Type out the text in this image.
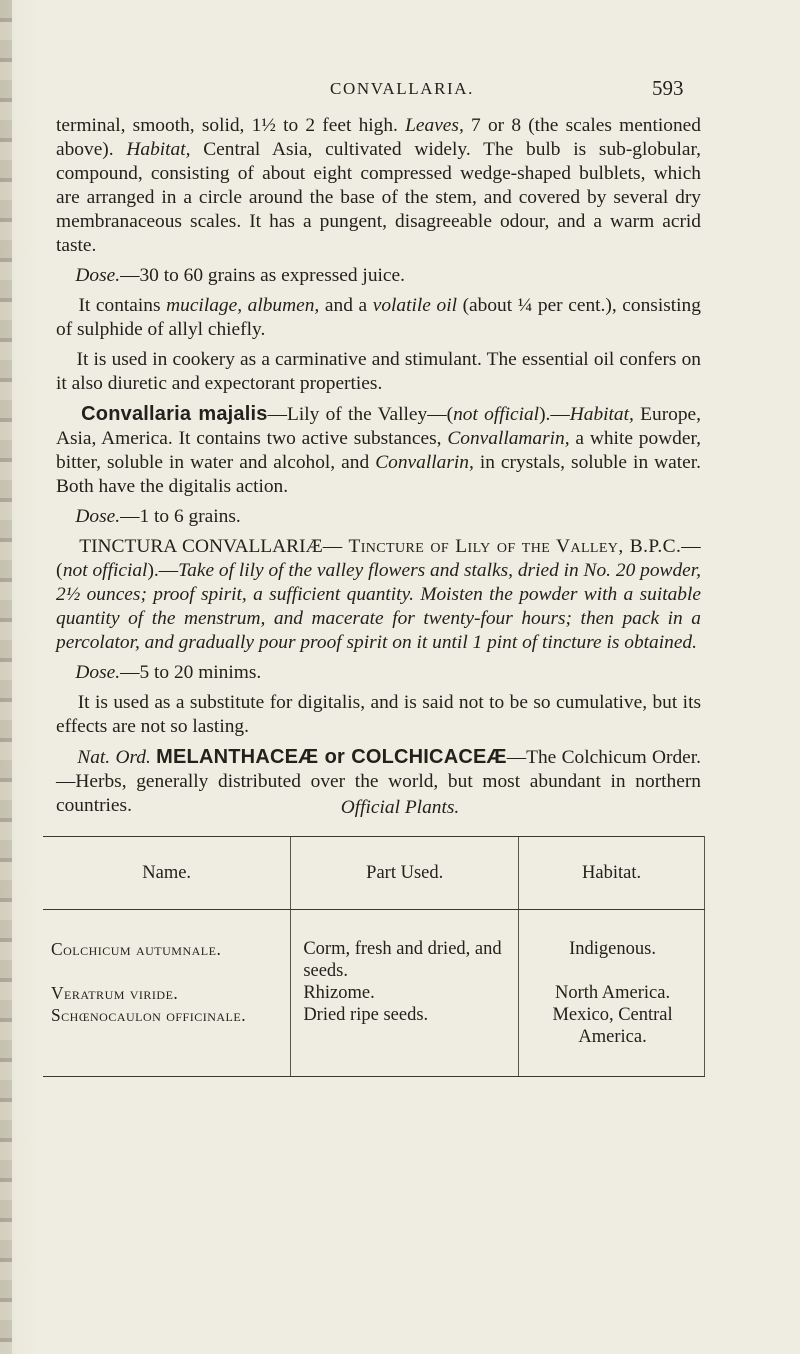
CONVALLARIA.	593

terminal, smooth, solid, 1½ to 2 feet high. Leaves, 7 or 8 (the scales mentioned above). Habitat, Central Asia, cultivated widely. The bulb is sub-globular, compound, consisting of about eight compressed wedge-shaped bulblets, which are arranged in a circle around the base of the stem, and covered by several dry membranaceous scales. It has a pungent, disagreeable odour, and a warm acrid taste.

Dose.—30 to 60 grains as expressed juice.

It contains mucilage, albumen, and a volatile oil (about ¼ per cent.), consisting of sulphide of allyl chiefly.

It is used in cookery as a carminative and stimulant. The essential oil confers on it also diuretic and expectorant properties.

Convallaria majalis—Lily of the Valley—(not official).—Habitat, Europe, Asia, America. It contains two active substances, Convallamarin, a white powder, bitter, soluble in water and alcohol, and Convallarin, in crystals, soluble in water. Both have the digitalis action.

Dose.—1 to 6 grains.

TINCTURA CONVALLARIÆ— Tincture of Lily of the Valley, B.P.C.—(not official).—Take of lily of the valley flowers and stalks, dried in No. 20 powder, 2½ ounces; proof spirit, a sufficient quantity. Moisten the powder with a suitable quantity of the menstrum, and macerate for twenty-four hours; then pack in a percolator, and gradually pour proof spirit on it until 1 pint of tincture is obtained.

Dose.—5 to 20 minims.

It is used as a substitute for digitalis, and is said not to be so cumulative, but its effects are not so lasting.

Nat. Ord. MELANTHACEÆ or COLCHICACEÆ—The Colchicum Order.—Herbs, generally distributed over the world, but most abundant in northern countries.	Official Plants.
Name.	Part Used.	Habitat.
Colchicum autumnale.	Corm, fresh and dried, and seeds.	Indigenous.
Veratrum viride.	Rhizome.	North America.
Schœnocaulon officinale.	Dried ripe seeds.	Mexico, Central America.
